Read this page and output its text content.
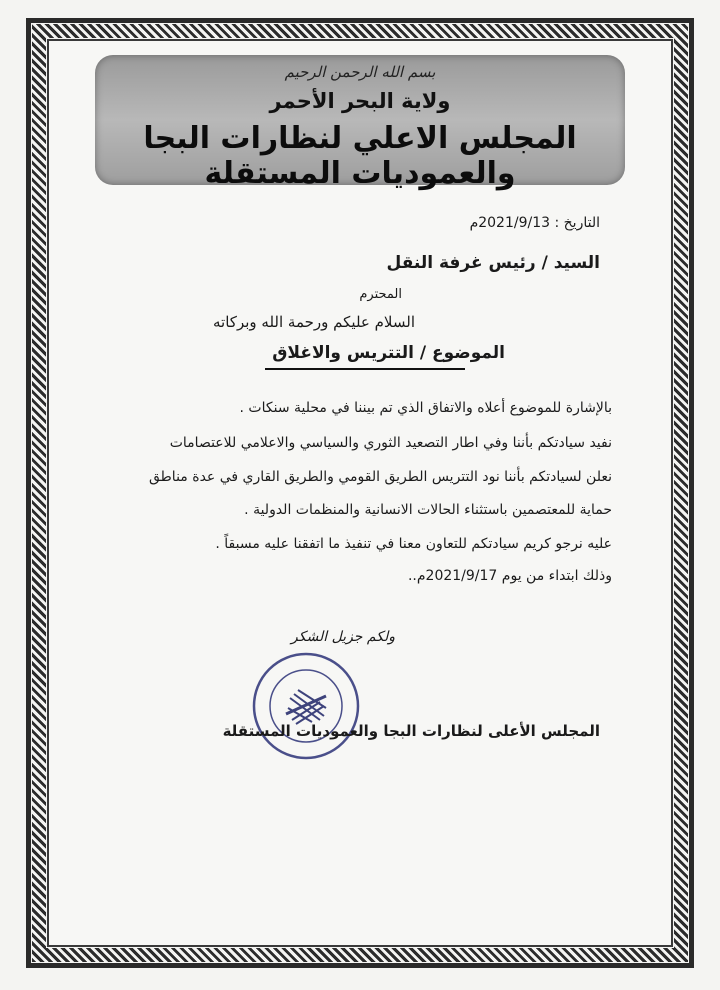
بسم الله الرحمن الرحيم
ولاية البحر الأحمر
المجلس الاعلي لنظارات البجا والعموديات المستقلة
التاريخ : 2021/9/13م
السيد / رئيس غرفة النقل
المحترم
السلام عليكم ورحمة الله وبركاته
الموضوع / التتريس والاغلاق
بالإشارة للموضوع أعلاه والاتفاق الذي تم بيننا في محلية سنكات .
نفيد سيادتكم بأننا وفي اطار التصعيد الثوري والسياسي والاعلامي للاعتصامات
نعلن لسيادتكم بأننا نود التتريس الطريق القومي والطريق القاري في عدة مناطق
حماية للمعتصمين باستثناء الحالات الانسانية والمنظمات الدولية .
عليه نرجو كريم سيادتكم للتعاون معنا في تنفيذ ما اتفقنا عليه مسبقاً .
وذلك ابتداء من يوم 2021/9/17م..
ولكم جزيل الشكر
المجلس الأعلى لنظارات البجا والعموديات المستقلة
